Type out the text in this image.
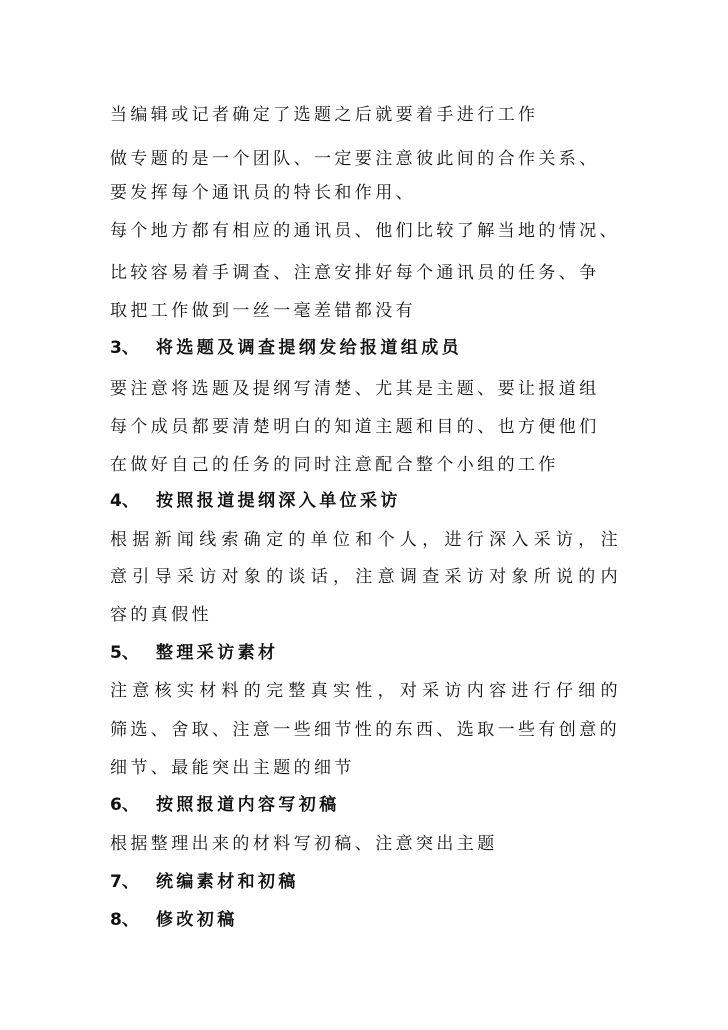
当编辑或记者确定了选题之后就要着手进行工作
做专题的是一个团队、一定要注意彼此间的合作关系、
要发挥每个通讯员的特长和作用、
每个地方都有相应的通讯员、他们比较了解当地的情况、
比较容易着手调查、注意安排好每个通讯员的任务、争
取把工作做到一丝一毫差错都没有
3、 将选题及调查提纲发给报道组成员
要注意将选题及提纲写清楚、尤其是主题、要让报道组
每个成员都要清楚明白的知道主题和目的、也方便他们
在做好自己的任务的同时注意配合整个小组的工作
4、 按照报道提纲深入单位采访
根据新闻线索确定的单位和个人，进行深入采访，注
意引导采访对象的谈话，注意调查采访对象所说的内
容的真假性
5、 整理采访素材
注意核实材料的完整真实性，对采访内容进行仔细的
筛选、舍取、注意一些细节性的东西、选取一些有创意的
细节、最能突出主题的细节
6、 按照报道内容写初稿
根据整理出来的材料写初稿、注意突出主题
7、 统编素材和初稿
8、 修改初稿
